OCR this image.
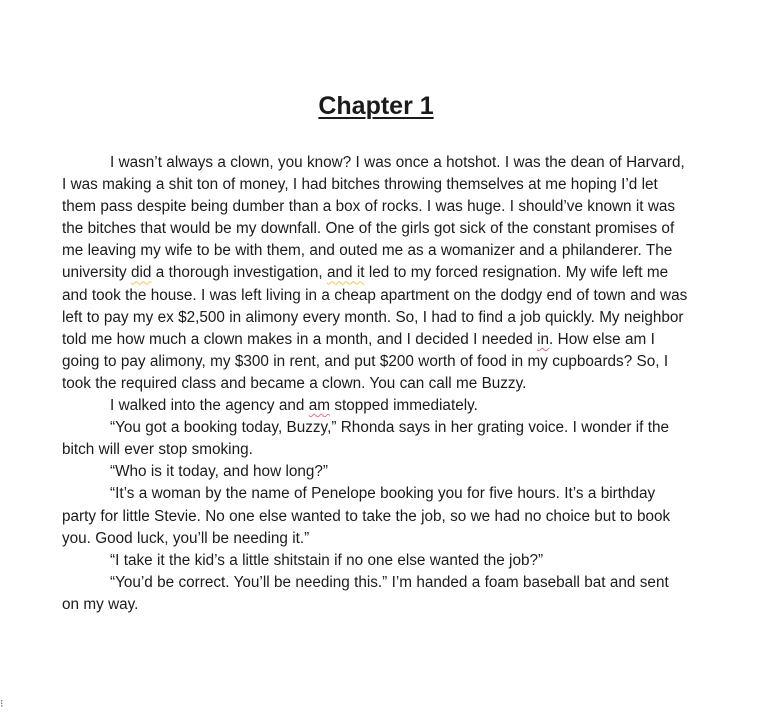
Chapter 1

I wasn’t always a clown, you know? I was once a hotshot. I was the dean of Harvard, I was making a shit ton of money, I had bitches throwing themselves at me hoping I’d let them pass despite being dumber than a box of rocks. I was huge. I should’ve known it was the bitches that would be my downfall. One of the girls got sick of the constant promises of me leaving my wife to be with them, and outed me as a womanizer and a philanderer. The university did a thorough investigation, and it led to my forced resignation. My wife left me and took the house. I was left living in a cheap apartment on the dodgy end of town and was left to pay my ex $2,500 in alimony every month. So, I had to find a job quickly. My neighbor told me how much a clown makes in a month, and I decided I needed in. How else am I going to pay alimony, my $300 in rent, and put $200 worth of food in my cupboards? So, I took the required class and became a clown. You can call me Buzzy.

I walked into the agency and am stopped immediately.

“You got a booking today, Buzzy,” Rhonda says in her grating voice. I wonder if the bitch will ever stop smoking.

“Who is it today, and how long?”

“It’s a woman by the name of Penelope booking you for five hours. It’s a birthday party for little Stevie. No one else wanted to take the job, so we had no choice but to book you. Good luck, you’ll be needing it.”

“I take it the kid’s a little shitstain if no one else wanted the job?”

“You’d be correct. You’ll be needing this.” I’m handed a foam baseball bat and sent on my way.

⁝
